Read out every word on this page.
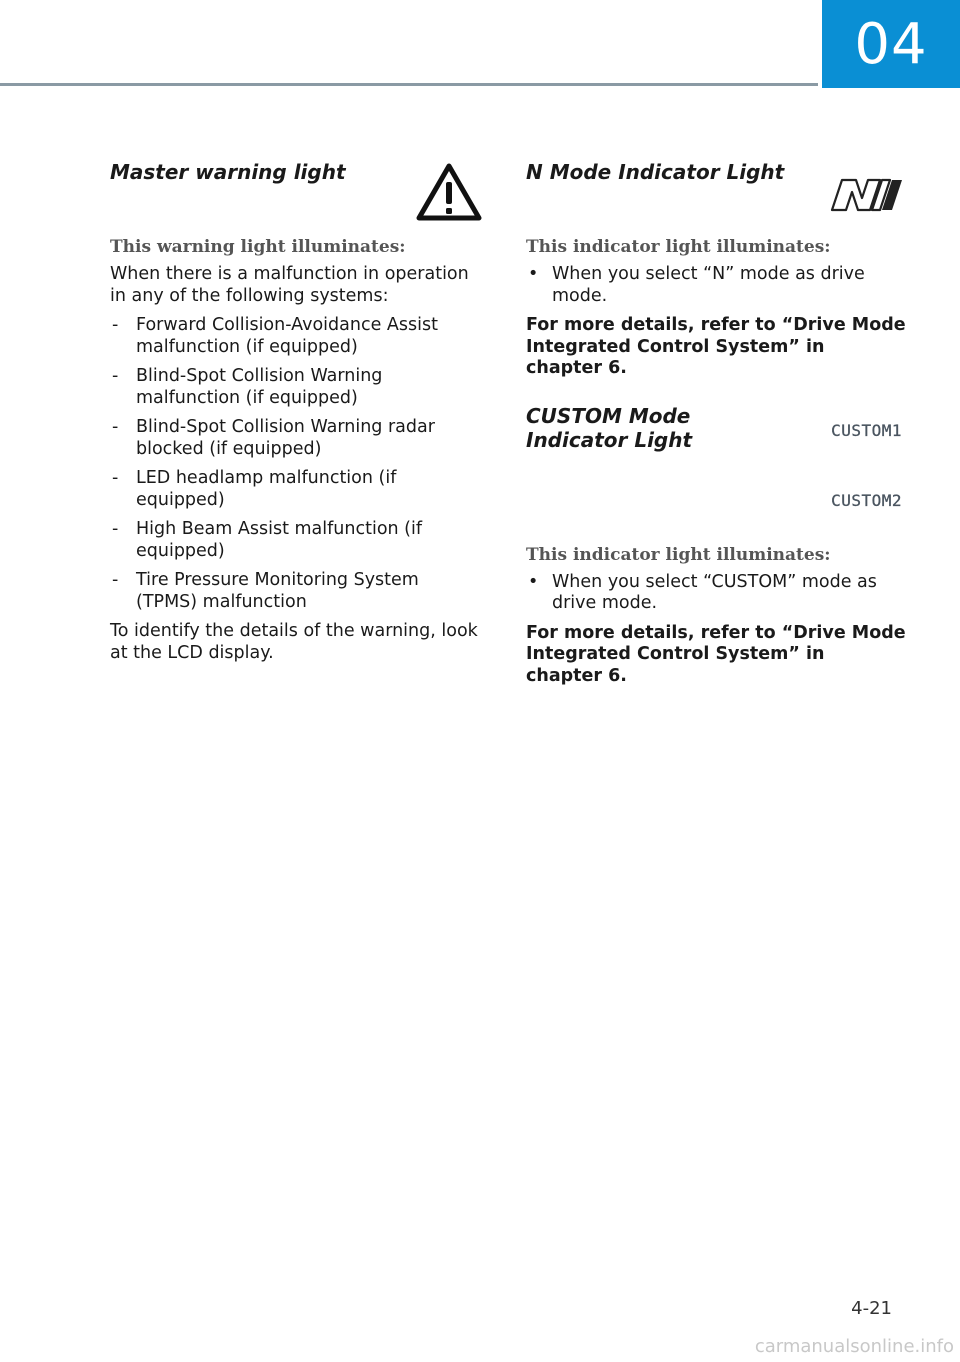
04
Master warning light

This warning light illuminates:

When there is a malfunction in operation in any of the following systems:

- Forward Collision-Avoidance Assist malfunction (if equipped)
- Blind-Spot Collision Warning malfunction (if equipped)
- Blind-Spot Collision Warning radar blocked (if equipped)
- LED headlamp malfunction (if equipped)
- High Beam Assist malfunction (if equipped)
- Tire Pressure Monitoring System (TPMS) malfunction

To identify the details of the warning, look at the LCD display.

N Mode Indicator Light

This indicator light illuminates:

• When you select “N” mode as drive mode.

For more details, refer to “Drive Mode Integrated Control System” in chapter 6.

CUSTOM Mode Indicator Light	CUSTOM1
CUSTOM2

This indicator light illuminates:

• When you select “CUSTOM” mode as drive mode.

For more details, refer to “Drive Mode Integrated Control System” in chapter 6.

4-21
carmanualsonline.info
